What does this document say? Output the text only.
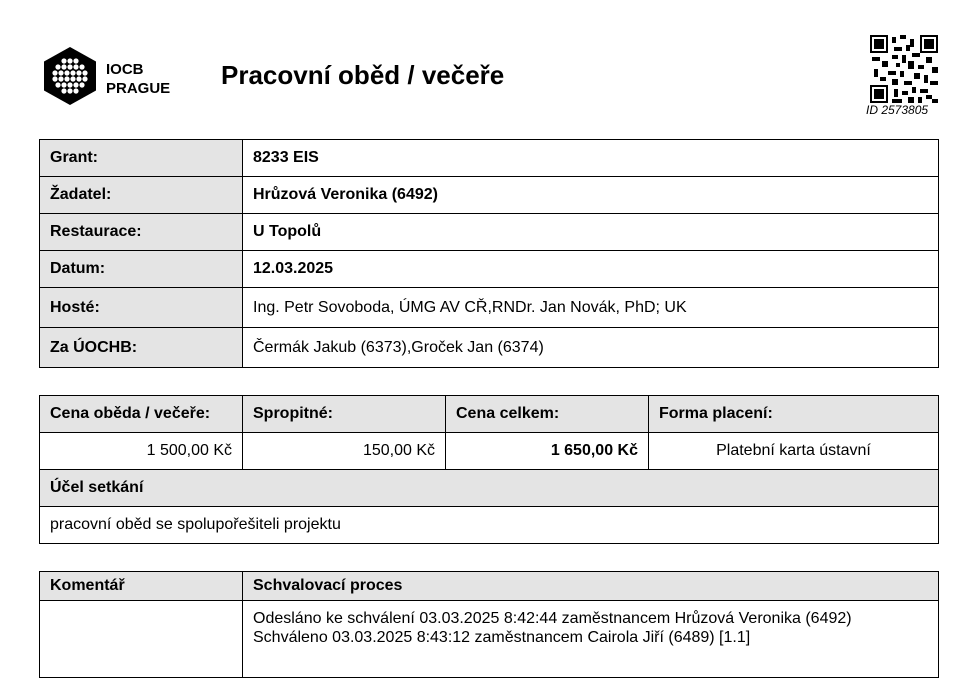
IOCB
PRAGUE Pracovní oběd / večeře
ID 2573805
Grant:	8233 EIS
Žadatel:	Hrůzová Veronika (6492)
Restaurace:	U Topolů
Datum:	12.03.2025
Hosté:	Ing. Petr Sovoboda, ÚMG AV CŘ,RNDr. Jan Novák, PhD; UK
Za ÚOCHB:	Čermák Jakub (6373),Groček Jan (6374)
Cena oběda / večeře:	Spropitné:	Cena celkem:	Forma placení:
1 500,00 Kč	150,00 Kč	1 650,00 Kč	Platební karta ústavní
Účel setkání			
pracovní oběd se spolupořešiteli projektu			
Komentář	Schvalovací proces

	Odesláno ke schválení 03.03.2025 8:42:44 zaměstnancem Hrůzová Veronika (6492)
Schváleno 03.03.2025 8:43:12 zaměstnancem Cairola Jiří (6489) [1.1]
